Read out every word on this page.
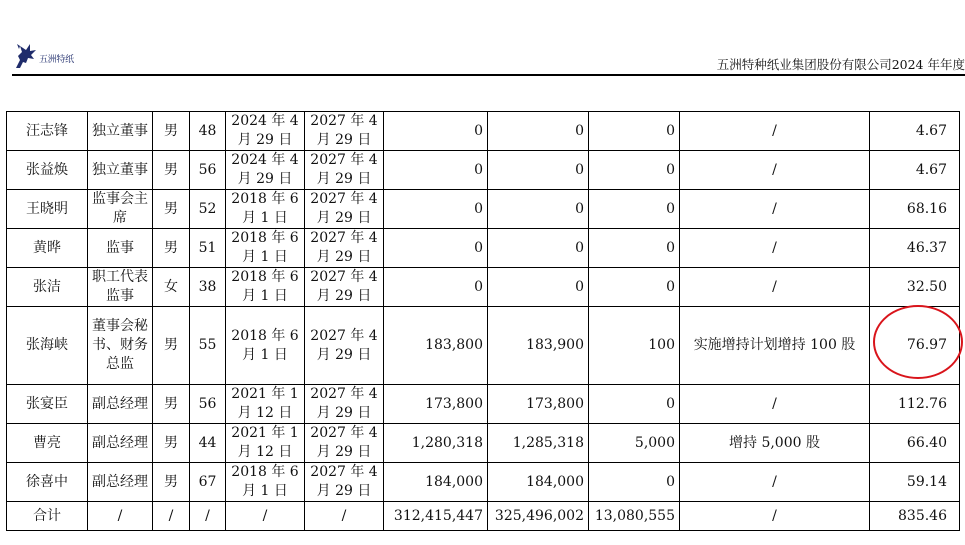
五洲特纸	五洲特种纸业集团股份有限公司2024 年年度
汪志锋	独立董事	男	48	2024 年 4 月 29 日	2027 年 4 月 29 日	0	0	0	/	4.67
张益焕	独立董事	男	56	2024 年 4 月 29 日	2027 年 4 月 29 日	0	0	0	/	4.67
王晓明	监事会主席	男	52	2018 年 6 月 1 日	2027 年 4 月 29 日	0	0	0	/	68.16
黄晔	监事	男	51	2018 年 6 月 1 日	2027 年 4 月 29 日	0	0	0	/	46.37
张洁	职工代表监事	女	38	2018 年 6 月 1 日	2027 年 4 月 29 日	0	0	0	/	32.50
张海峡	董事会秘书、财务总监	男	55	2018 年 6 月 1 日	2027 年 4 月 29 日	183,800	183,900	100	实施增持计划增持 100 股	76.97
张宴臣	副总经理	男	56	2021 年 1 月 12 日	2027 年 4 月 29 日	173,800	173,800	0	/	112.76
曹亮	副总经理	男	44	2021 年 1 月 12 日	2027 年 4 月 29 日	1,280,318	1,285,318	5,000	增持 5,000 股	66.40
徐喜中	副总经理	男	67	2018 年 6 月 1 日	2027 年 4 月 29 日	184,000	184,000	0	/	59.14
合计	/	/	/	/	/	312,415,447	325,496,002	13,080,555	/	835.46
